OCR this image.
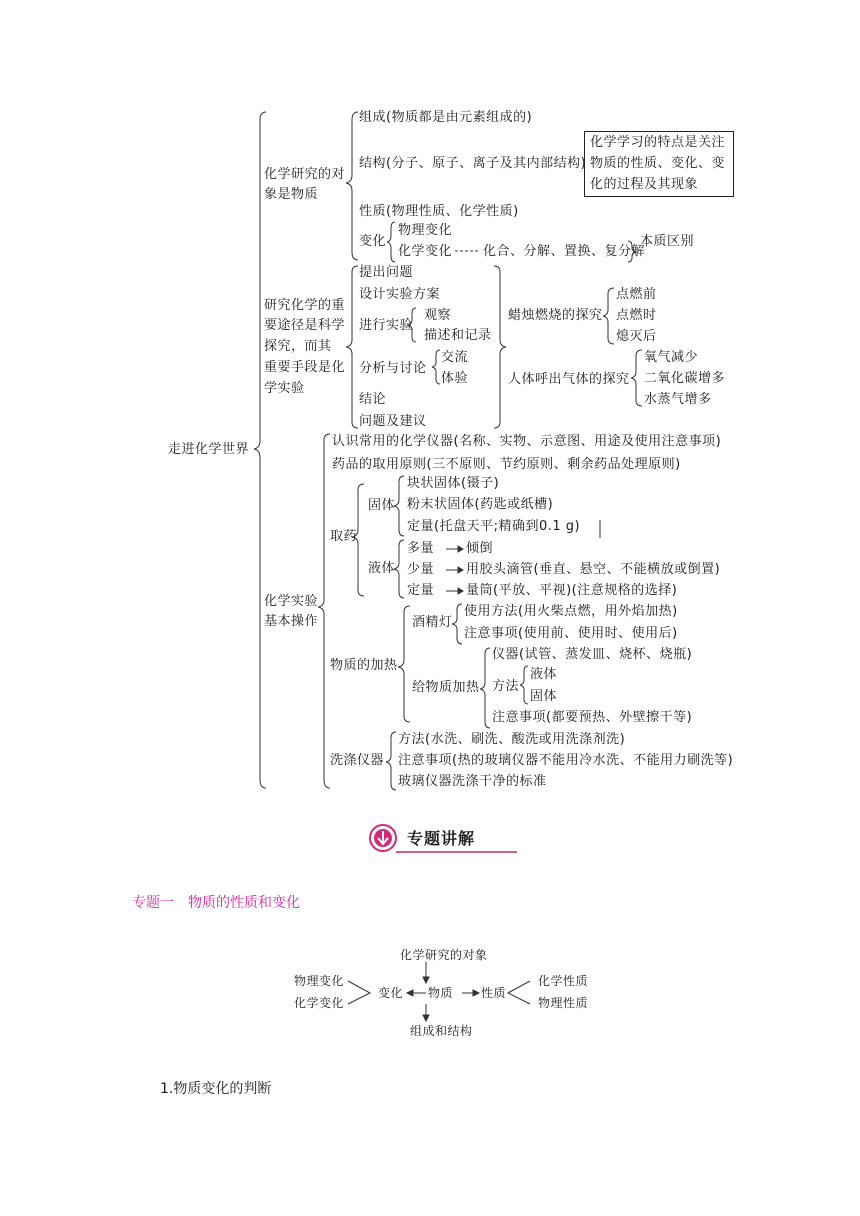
走进化学世界
化学研究的对
象是物质
组成(物质都是由元素组成的)
结构(分子、原子、离子及其内部结构)
化学学习的特点是关注
物质的性质、变化、变
化的过程及其现象
性质(物理性质、化学性质)
变化
物理变化
化学变化 化合、分解、置换、复分解
本质区别
研究化学的重
要途径是科学
探究，而其
重要手段是化
学实验
提出问题
设计实验方案
进行实验
观察
描述和记录
分析与讨论
交流
体验
结论
问题及建议
蜡烛燃烧的探究
点燃前
点燃时
熄灭后
人体呼出气体的探究
氧气减少
二氧化碳增多
水蒸气增多
化学实验
基本操作
认识常用的化学仪器(名称、实物、示意图、用途及使用注意事项)
药品的取用原则(三不原则、节约原则、剩余药品处理原则)
取药
固体
块状固体(镊子)
粉末状固体(药匙或纸槽)
定量(托盘天平;精确到0.1 g)
液体
多量 倾倒
少量 用胶头滴管(垂直、悬空、不能横放或倒置)
定量 量筒(平放、平视)(注意规格的选择)
物质的加热
酒精灯
使用方法(用火柴点燃，用外焰加热)
注意事项(使用前、使用时、使用后)
给物质加热
仪器(试管、蒸发皿、烧杯、烧瓶)
方法
液体
固体
注意事项(都要预热、外壁擦干等)
洗涤仪器
方法(水洗、刷洗、酸洗或用洗涤剂洗)
注意事项(热的玻璃仪器不能用冷水洗、不能用力刷洗等)
玻璃仪器洗涤干净的标准
专题讲解
专题一　物质的性质和变化
化学研究的对象
物理变化
化学变化
变化 物质 性质
化学性质
物理性质
组成和结构
1.物质变化的判断
